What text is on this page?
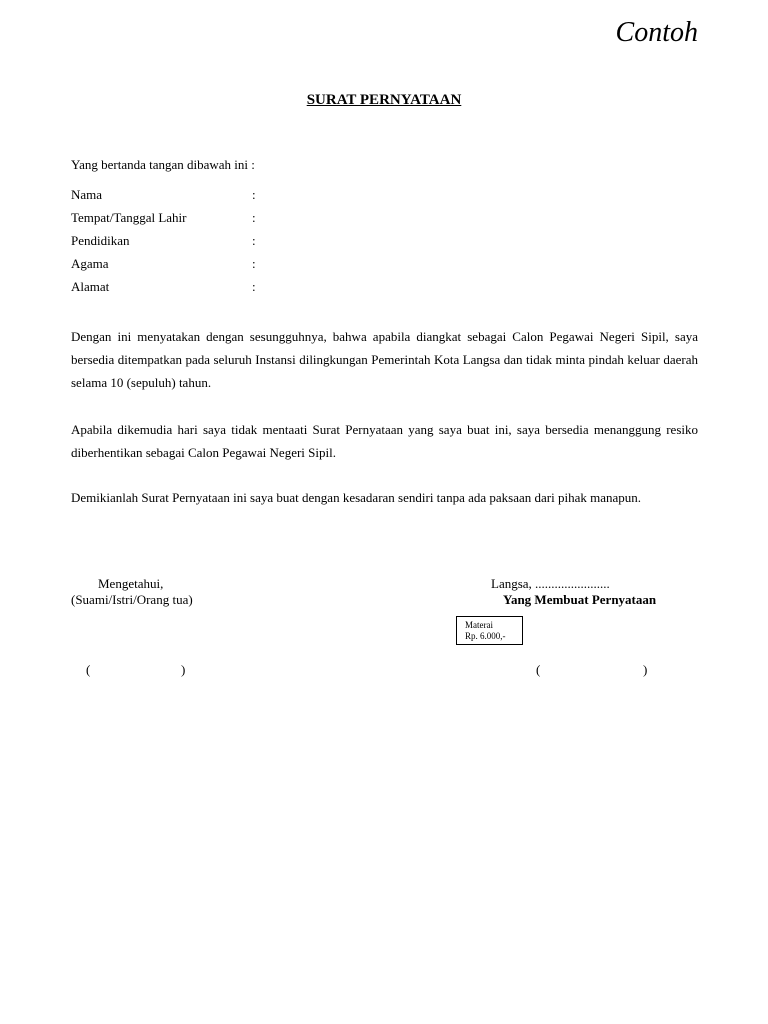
Contoh
SURAT PERNYATAAN
Yang bertanda tangan dibawah ini :
Nama	:
Tempat/Tanggal Lahir	:
Pendidikan	:
Agama	:
Alamat	:
Dengan ini menyatakan dengan sesungguhnya, bahwa apabila diangkat sebagai Calon Pegawai Negeri Sipil, saya bersedia ditempatkan pada seluruh Instansi dilingkungan Pemerintah Kota Langsa dan tidak minta pindah keluar daerah selama 10 (sepuluh) tahun.
Apabila dikemudia hari saya tidak mentaati Surat Pernyataan yang saya buat ini, saya bersedia menanggung resiko diberhentikan sebagai Calon Pegawai Negeri Sipil.
Demikianlah Surat Pernyataan ini saya buat dengan kesadaran sendiri tanpa ada paksaan dari pihak manapun.
Mengetahui,
(Suami/Istri/Orang tua)
Langsa, .......................
Yang Membuat Pernyataan
Materai
Rp. 6.000,-
(	)	(	)
